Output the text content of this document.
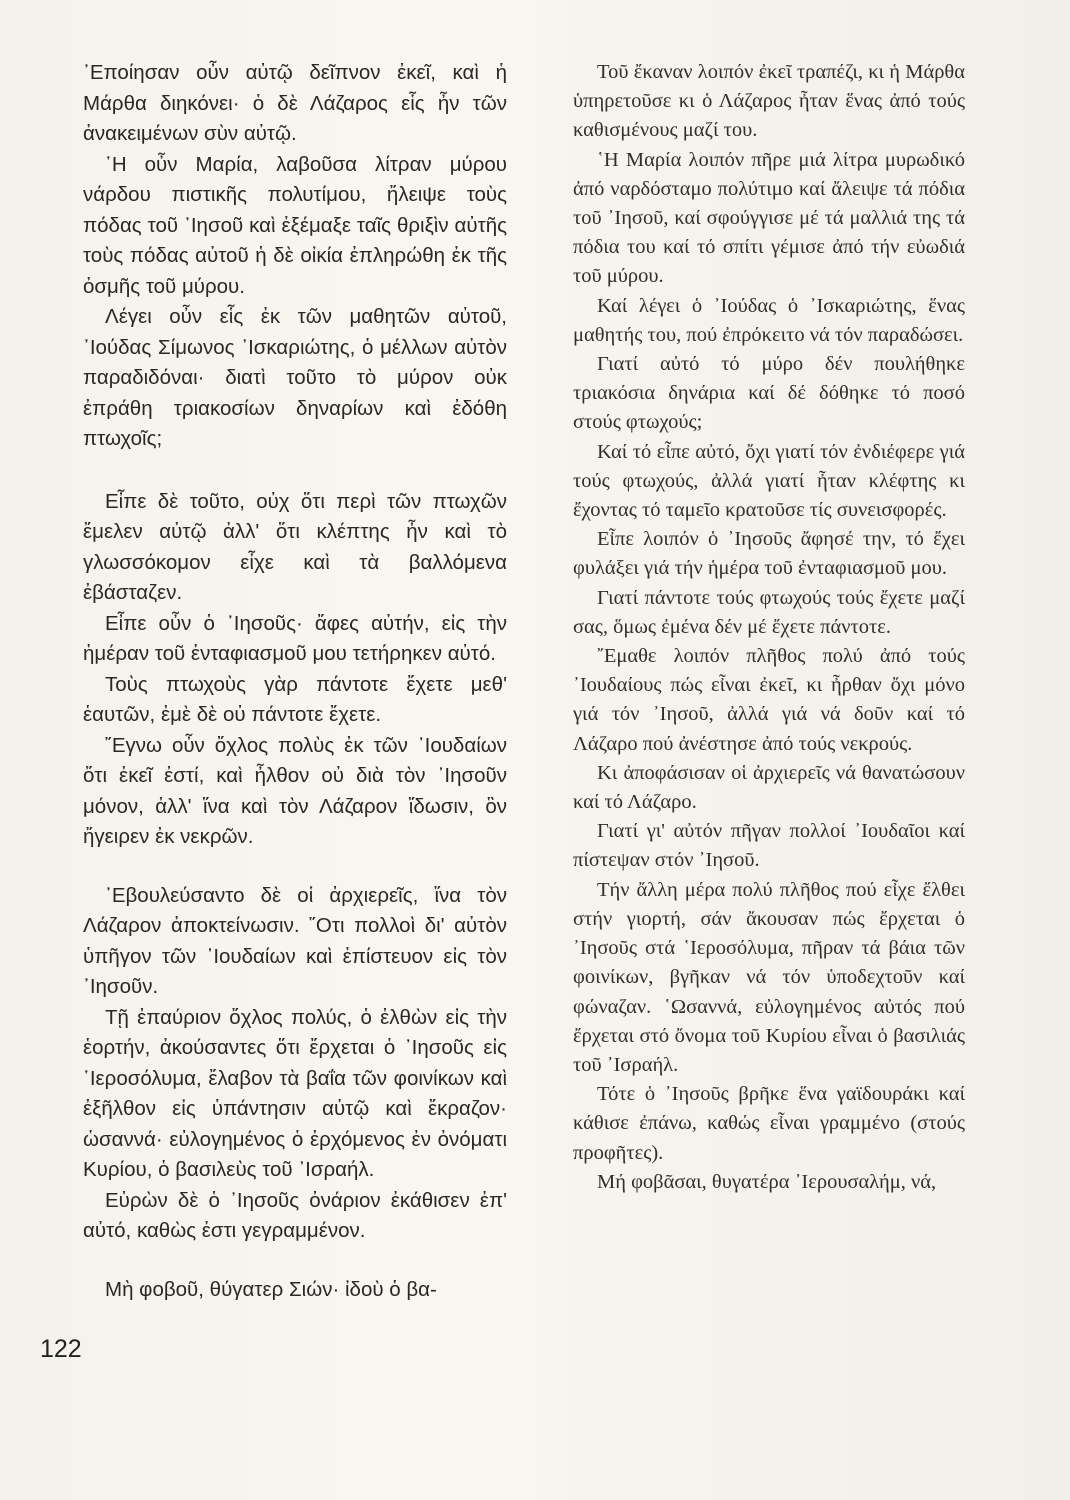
᾿Εποίησαν οὖν αὐτῷ δεῖπνον ἐκεῖ, καὶ ἡ Μάρθα διηκόνει· ὁ δὲ Λάζαρος εἷς ἦν τῶν ἀνακειμένων σὺν αὐτῷ.

῾Η οὖν Μαρία, λαβοῦσα λίτραν μύρου νάρδου πιστικῆς πολυτίμου, ἤλειψε τοὺς πόδας τοῦ ᾿Ιησοῦ καὶ ἐξέμαξε ταῖς θριξὶν αὐτῆς τοὺς πόδας αὐτοῦ ἡ δὲ οἰκία ἐπληρώθη ἐκ τῆς ὀσμῆς τοῦ μύρου.

Λέγει οὖν εἷς ἐκ τῶν μαθητῶν αὐτοῦ, ᾿Ιούδας Σίμωνος ᾿Ισκαριώτης, ὁ μέλλων αὐτὸν παραδιδόναι· διατὶ τοῦτο τὸ μύρον οὐκ ἐπράθη τριακοσίων δηναρίων καὶ ἐδόθη πτωχοῖς;

Εἶπε δὲ τοῦτο, οὐχ ὅτι περὶ τῶν πτωχῶν ἔμελεν αὐτῷ ἀλλ' ὅτι κλέπτης ἦν καὶ τὸ γλωσσόκομον εἶχε καὶ τὰ βαλλόμενα ἐβάσταζεν.

Εἶπε οὖν ὁ ᾿Ιησοῦς· ἄφες αὐτήν, εἰς τὴν ἡμέραν τοῦ ἐνταφιασμοῦ μου τετήρηκεν αὐτό.

Τοὺς πτωχοὺς γὰρ πάντοτε ἔχετε μεθ' ἑαυτῶν, ἐμὲ δὲ οὐ πάντοτε ἔχετε.

῎Εγνω οὖν ὄχλος πολὺς ἐκ τῶν ᾿Ιουδαίων ὅτι ἐκεῖ ἐστί, καὶ ἦλθον οὐ διὰ τὸν ᾿Ιησοῦν μόνον, ἀλλ' ἵνα καὶ τὸν Λάζαρον ἴδωσιν, ὃν ἤγειρεν ἐκ νεκρῶν.

᾿Εβουλεύσαντο δὲ οἱ ἀρχιερεῖς, ἵνα τὸν Λάζαρον ἀποκτείνωσιν. ῞Οτι πολλοὶ δι' αὐτὸν ὑπῆγον τῶν ᾿Ιουδαίων καὶ ἐπίστευον εἰς τὸν ᾿Ιησοῦν.

Τῇ ἐπαύριον ὄχλος πολύς, ὁ ἐλθὼν εἰς τὴν ἑορτήν, ἀκούσαντες ὅτι ἔρχεται ὁ ᾿Ιησοῦς εἰς ῾Ιεροσόλυμα, ἔλαβον τὰ βαΐα τῶν φοινίκων καὶ ἐξῆλθον εἰς ὑπάντησιν αὐτῷ καὶ ἔκραζον· ὡσαννά· εὐλογημένος ὁ ἐρχόμενος ἐν ὀνόματι Κυρίου, ὁ βασιλεὺς τοῦ ᾿Ισραήλ.

Εὑρὼν δὲ ὁ ᾿Ιησοῦς ὀνάριον ἐκάθισεν ἐπ' αὐτό, καθὼς ἐστι γεγραμμένον.

Μὴ φοβοῦ, θύγατερ Σιών· ἰδοὺ ὁ βα-

Τοῦ ἔκαναν λοιπόν ἐκεῖ τραπέζι, κι ἡ Μάρθα ὑπηρετοῦσε κι ὁ Λάζαρος ἦταν ἕνας ἀπό τούς καθισμένους μαζί του.

῾Η Μαρία λοιπόν πῆρε μιά λίτρα μυρωδικό ἀπό ναρδόσταμο πολύτιμο καί ἄλειψε τά πόδια τοῦ ᾿Ιησοῦ, καί σφούγγισε μέ τά μαλλιά της τά πόδια του καί τό σπίτι γέμισε ἀπό τήν εὐωδιά τοῦ μύρου.

Καί λέγει ὁ ᾿Ιούδας ὁ ᾿Ισκαριώτης, ἕνας μαθητής του, πού ἐπρόκειτο νά τόν παραδώσει.

Γιατί αὐτό τό μύρο δέν πουλήθηκε τριακόσια δηνάρια καί δέ δόθηκε τό ποσό στούς φτωχούς;

Καί τό εἶπε αὐτό, ὄχι γιατί τόν ἐνδιέφερε γιά τούς φτωχούς, ἀλλά γιατί ἦταν κλέφτης κι ἔχοντας τό ταμεῖο κρατοῦσε τίς συνεισφορές.

Εἶπε λοιπόν ὁ ᾿Ιησοῦς ἄφησέ την, τό ἔχει φυλάξει γιά τήν ἡμέρα τοῦ ἐνταφιασμοῦ μου.

Γιατί πάντοτε τούς φτωχούς τούς ἔχετε μαζί σας, ὅμως ἐμένα δέν μέ ἔχετε πάντοτε.

῎Εμαθε λοιπόν πλῆθος πολύ ἀπό τούς ᾿Ιουδαίους πώς εἶναι ἐκεῖ, κι ἦρθαν ὄχι μόνο γιά τόν ᾿Ιησοῦ, ἀλλά γιά νά δοῦν καί τό Λάζαρο πού ἀνέστησε ἀπό τούς νεκρούς.

Κι ἀποφάσισαν οἱ ἀρχιερεῖς νά θανατώσουν καί τό Λάζαρο.

Γιατί γι' αὐτόν πῆγαν πολλοί ᾿Ιουδαῖοι καί πίστεψαν στόν ᾿Ιησοῦ.

Τήν ἄλλη μέρα πολύ πλῆθος πού εἶχε ἔλθει στήν γιορτή, σάν ἄκουσαν πώς ἔρχεται ὁ ᾿Ιησοῦς στά ῾Ιεροσόλυμα, πῆραν τά βάια τῶν φοινίκων, βγῆκαν νά τόν ὑποδεχτοῦν καί φώναζαν. ῾Ωσαννά, εὐλογημένος αὐτός πού ἔρχεται στό ὄνομα τοῦ Κυρίου εἶναι ὁ βασιλιάς τοῦ ᾿Ισραήλ.

Τότε ὁ ᾿Ιησοῦς βρῆκε ἕνα γαϊδουράκι καί κάθισε ἐπάνω, καθώς εἶναι γραμμένο (στούς προφῆτες).

Μή φοβᾶσαι, θυγατέρα ᾿Ιερουσαλήμ, νά,

122
